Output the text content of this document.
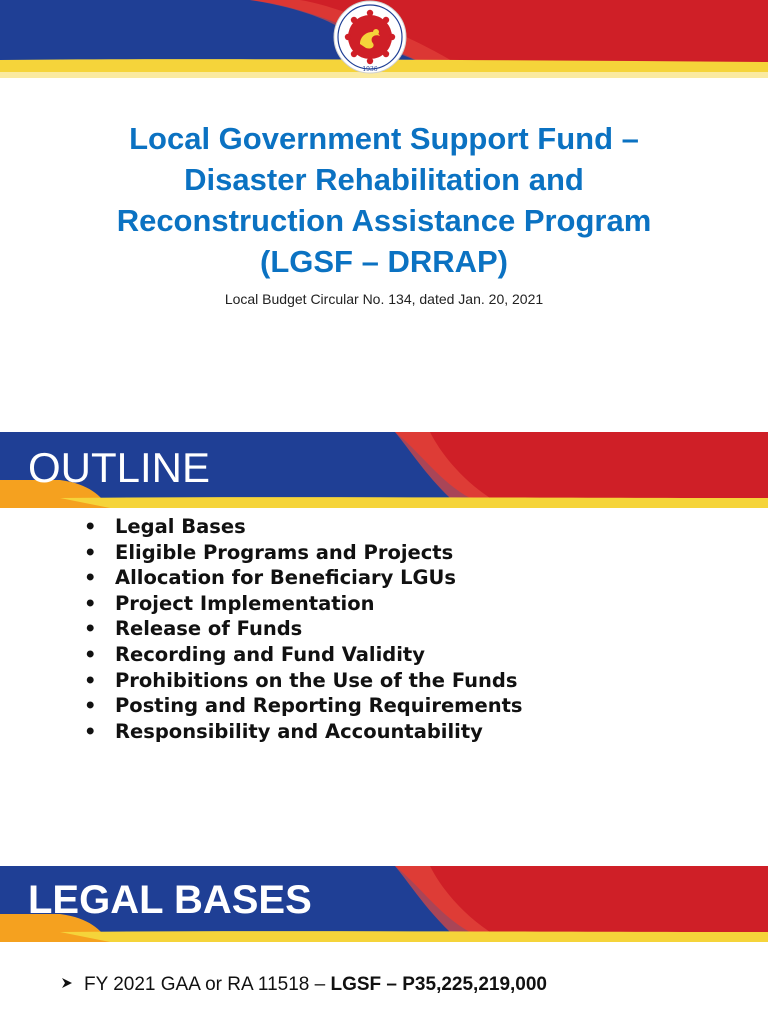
1936
Local Government Support Fund –
Disaster Rehabilitation and
Reconstruction Assistance Program
(LGSF – DRRAP)
Local Budget Circular No. 134, dated Jan. 20, 2021
OUTLINE
• Legal Bases
• Eligible Programs and Projects
• Allocation for Beneficiary LGUs
• Project Implementation
• Release of Funds
• Recording and Fund Validity
• Prohibitions on the Use of the Funds
• Posting and Reporting Requirements
• Responsibility and Accountability
LEGAL BASES
FY 2021 GAA or RA 11518 – LGSF – P35,225,219,000
